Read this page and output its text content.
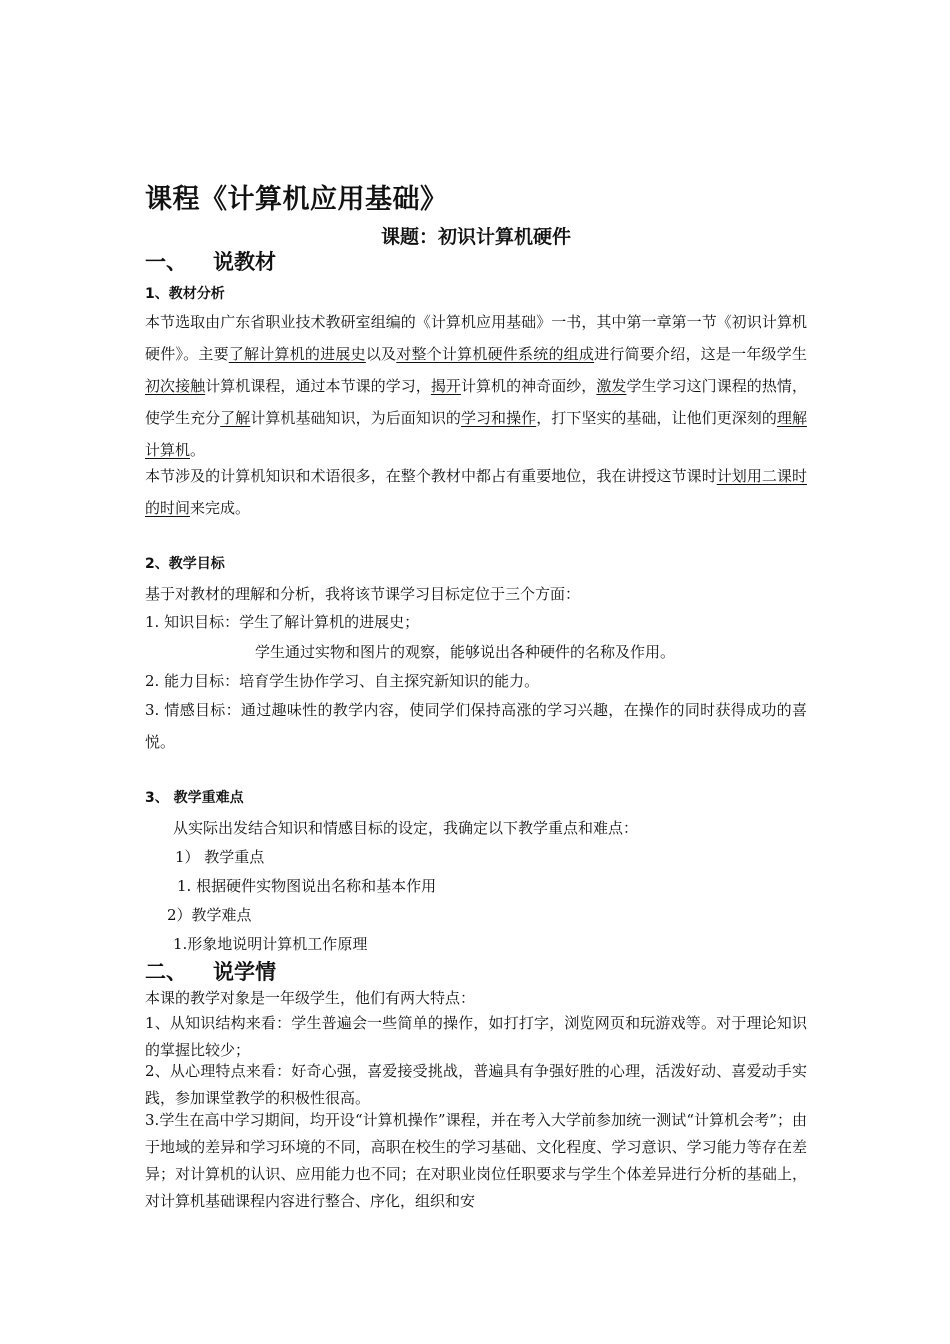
课程《计算机应用基础》
课题：初识计算机硬件
一、 说教材
1、教材分析
本节选取由广东省职业技术教研室组编的《计算机应用基础》一书，其中第一章第一节《初识计算机硬件》。主要了解计算机的进展史以及对整个计算机硬件系统的组成进行简要介绍，这是一年级学生初次接触计算机课程，通过本节课的学习，揭开计算机的神奇面纱，激发学生学习这门课程的热情，使学生充分了解计算机基础知识，为后面知识的学习和操作，打下坚实的基础，让他们更深刻的理解计算机。
本节涉及的计算机知识和术语很多，在整个教材中都占有重要地位，我在讲授这节课时计划用二课时的时间来完成。
2、教学目标
基于对教材的理解和分析，我将该节课学习目标定位于三个方面：
1. 知识目标：学生了解计算机的进展史；
学生通过实物和图片的观察，能够说出各种硬件的名称及作用。
2. 能力目标：培育学生协作学习、自主探究新知识的能力。
3. 情感目标：通过趣味性的教学内容，使同学们保持高涨的学习兴趣，在操作的同时获得成功的喜悦。
3、 教学重难点
从实际出发结合知识和情感目标的设定，我确定以下教学重点和难点：
1） 教学重点
1. 根据硬件实物图说出名称和基本作用
2）教学难点
1.形象地说明计算机工作原理
二、 说学情
本课的教学对象是一年级学生，他们有两大特点：
1、从知识结构来看：学生普遍会一些简单的操作，如打打字，浏览网页和玩游戏等。对于理论知识的掌握比较少；
2、从心理特点来看：好奇心强，喜爱接受挑战，普遍具有争强好胜的心理，活泼好动、喜爱动手实践，参加课堂教学的积极性很高。
3.学生在高中学习期间，均开设“计算机操作”课程，并在考入大学前参加统一测试“计算机会考”；由于地域的差异和学习环境的不同，高职在校生的学习基础、文化程度、学习意识、学习能力等存在差异；对计算机的认识、应用能力也不同；在对职业岗位任职要求与学生个体差异进行分析的基础上，对计算机基础课程内容进行整合、序化，组织和安
